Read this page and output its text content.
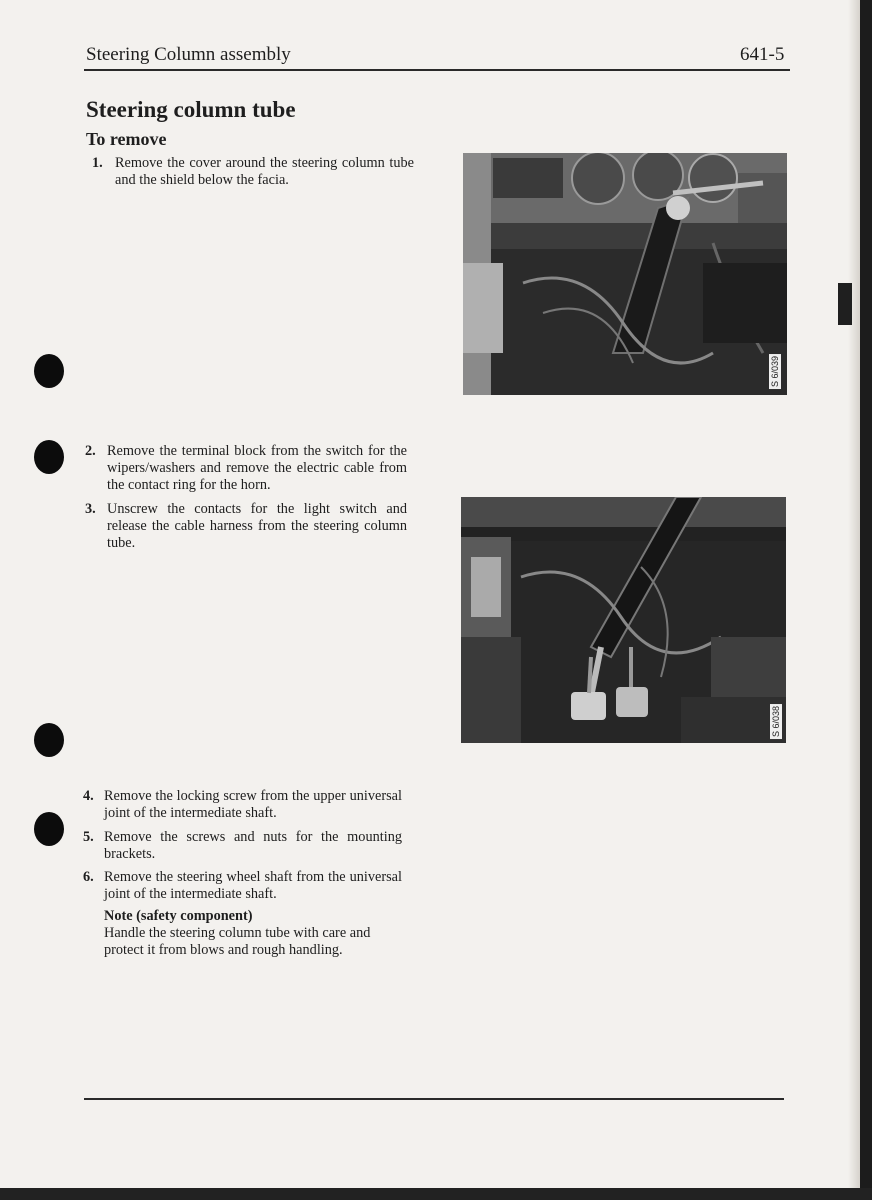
Steering Column assembly	641-5
Steering column tube
To remove
1. Remove the cover around the steering column tube and the shield below the facia.
2. Remove the terminal block from the switch for the wipers/washers and remove the electric cable from the contact ring for the horn.
3. Unscrew the contacts for the light switch and release the cable harness from the steering column tube.
4. Remove the locking screw from the upper universal joint of the intermediate shaft.
5. Remove the screws and nuts for the mounting brackets.
6. Remove the steering wheel shaft from the universal joint of the intermediate shaft.
Note (safety component)
Handle the steering column tube with care and protect it from blows and rough handling.
S 6/039
S 6/038
